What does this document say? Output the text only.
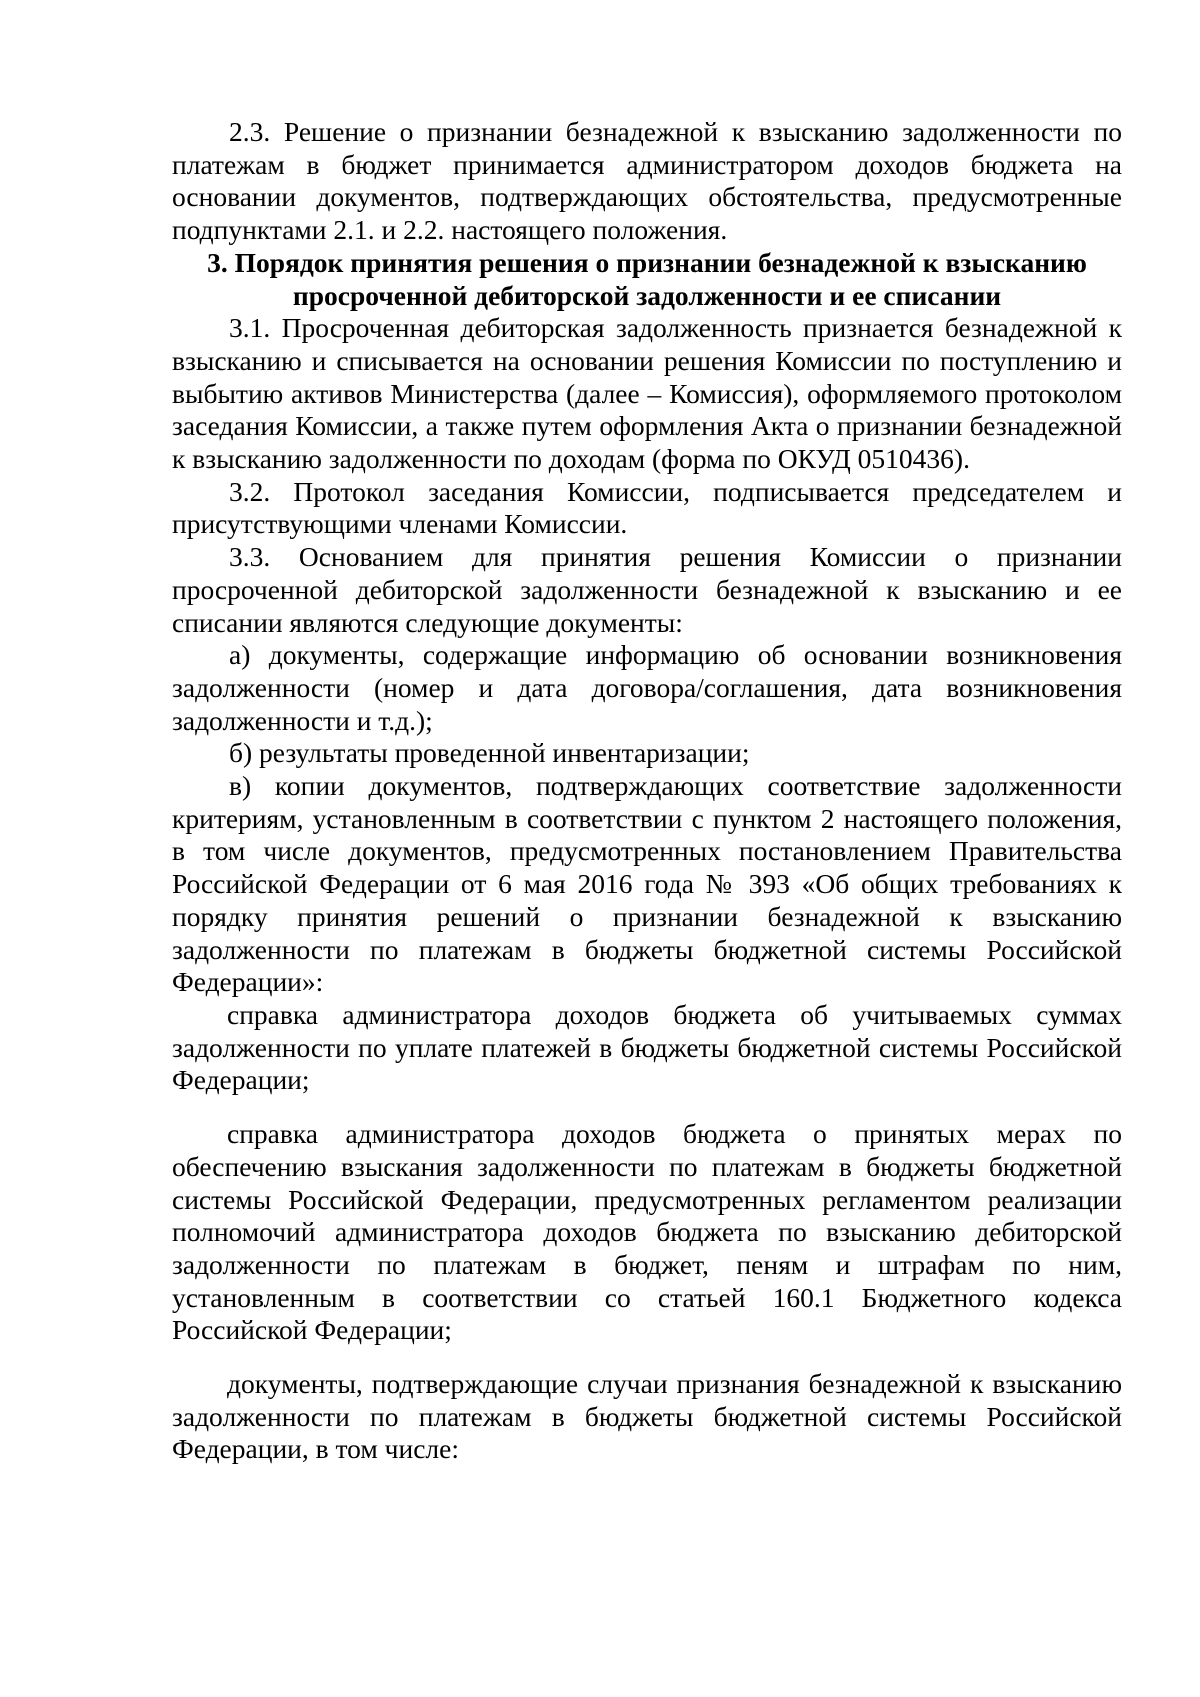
2.3. Решение о признании безнадежной к взысканию задолженности по платежам в бюджет принимается администратором доходов бюджета на основании документов, подтверждающих обстоятельства, предусмотренные подпунктами 2.1. и 2.2. настоящего положения.

3. Порядок принятия решения о признании безнадежной к взысканию просроченной дебиторской задолженности и ее списании

3.1. Просроченная дебиторская задолженность признается безнадежной к взысканию и списывается на основании решения Комиссии по поступлению и выбытию активов Министерства (далее – Комиссия), оформляемого протоколом заседания Комиссии, а также путем оформления Акта о признании безнадежной к взысканию задолженности по доходам (форма по ОКУД 0510436).

3.2. Протокол заседания Комиссии, подписывается председателем и присутствующими членами Комиссии.

3.3. Основанием для принятия решения Комиссии о признании просроченной дебиторской задолженности безнадежной к взысканию и ее списании являются следующие документы:

а) документы, содержащие информацию об основании возникновения задолженности (номер и дата договора/соглашения, дата возникновения задолженности и т.д.);

б) результаты проведенной инвентаризации;

в) копии документов, подтверждающих соответствие задолженности критериям, установленным в соответствии с пунктом 2 настоящего положения, в том числе документов, предусмотренных постановлением Правительства Российской Федерации от 6 мая 2016 года № 393 «Об общих требованиях к порядку принятия решений о признании безнадежной к взысканию задолженности по платежам в бюджеты бюджетной системы Российской Федерации»:

справка администратора доходов бюджета об учитываемых суммах задолженности по уплате платежей в бюджеты бюджетной системы Российской Федерации;

справка администратора доходов бюджета о принятых мерах по обеспечению взыскания задолженности по платежам в бюджеты бюджетной системы Российской Федерации, предусмотренных регламентом реализации полномочий администратора доходов бюджета по взысканию дебиторской задолженности по платежам в бюджет, пеням и штрафам по ним, установленным в соответствии со статьей 160.1 Бюджетного кодекса Российской Федерации;

документы, подтверждающие случаи признания безнадежной к взысканию задолженности по платежам в бюджеты бюджетной системы Российской Федерации, в том числе:
